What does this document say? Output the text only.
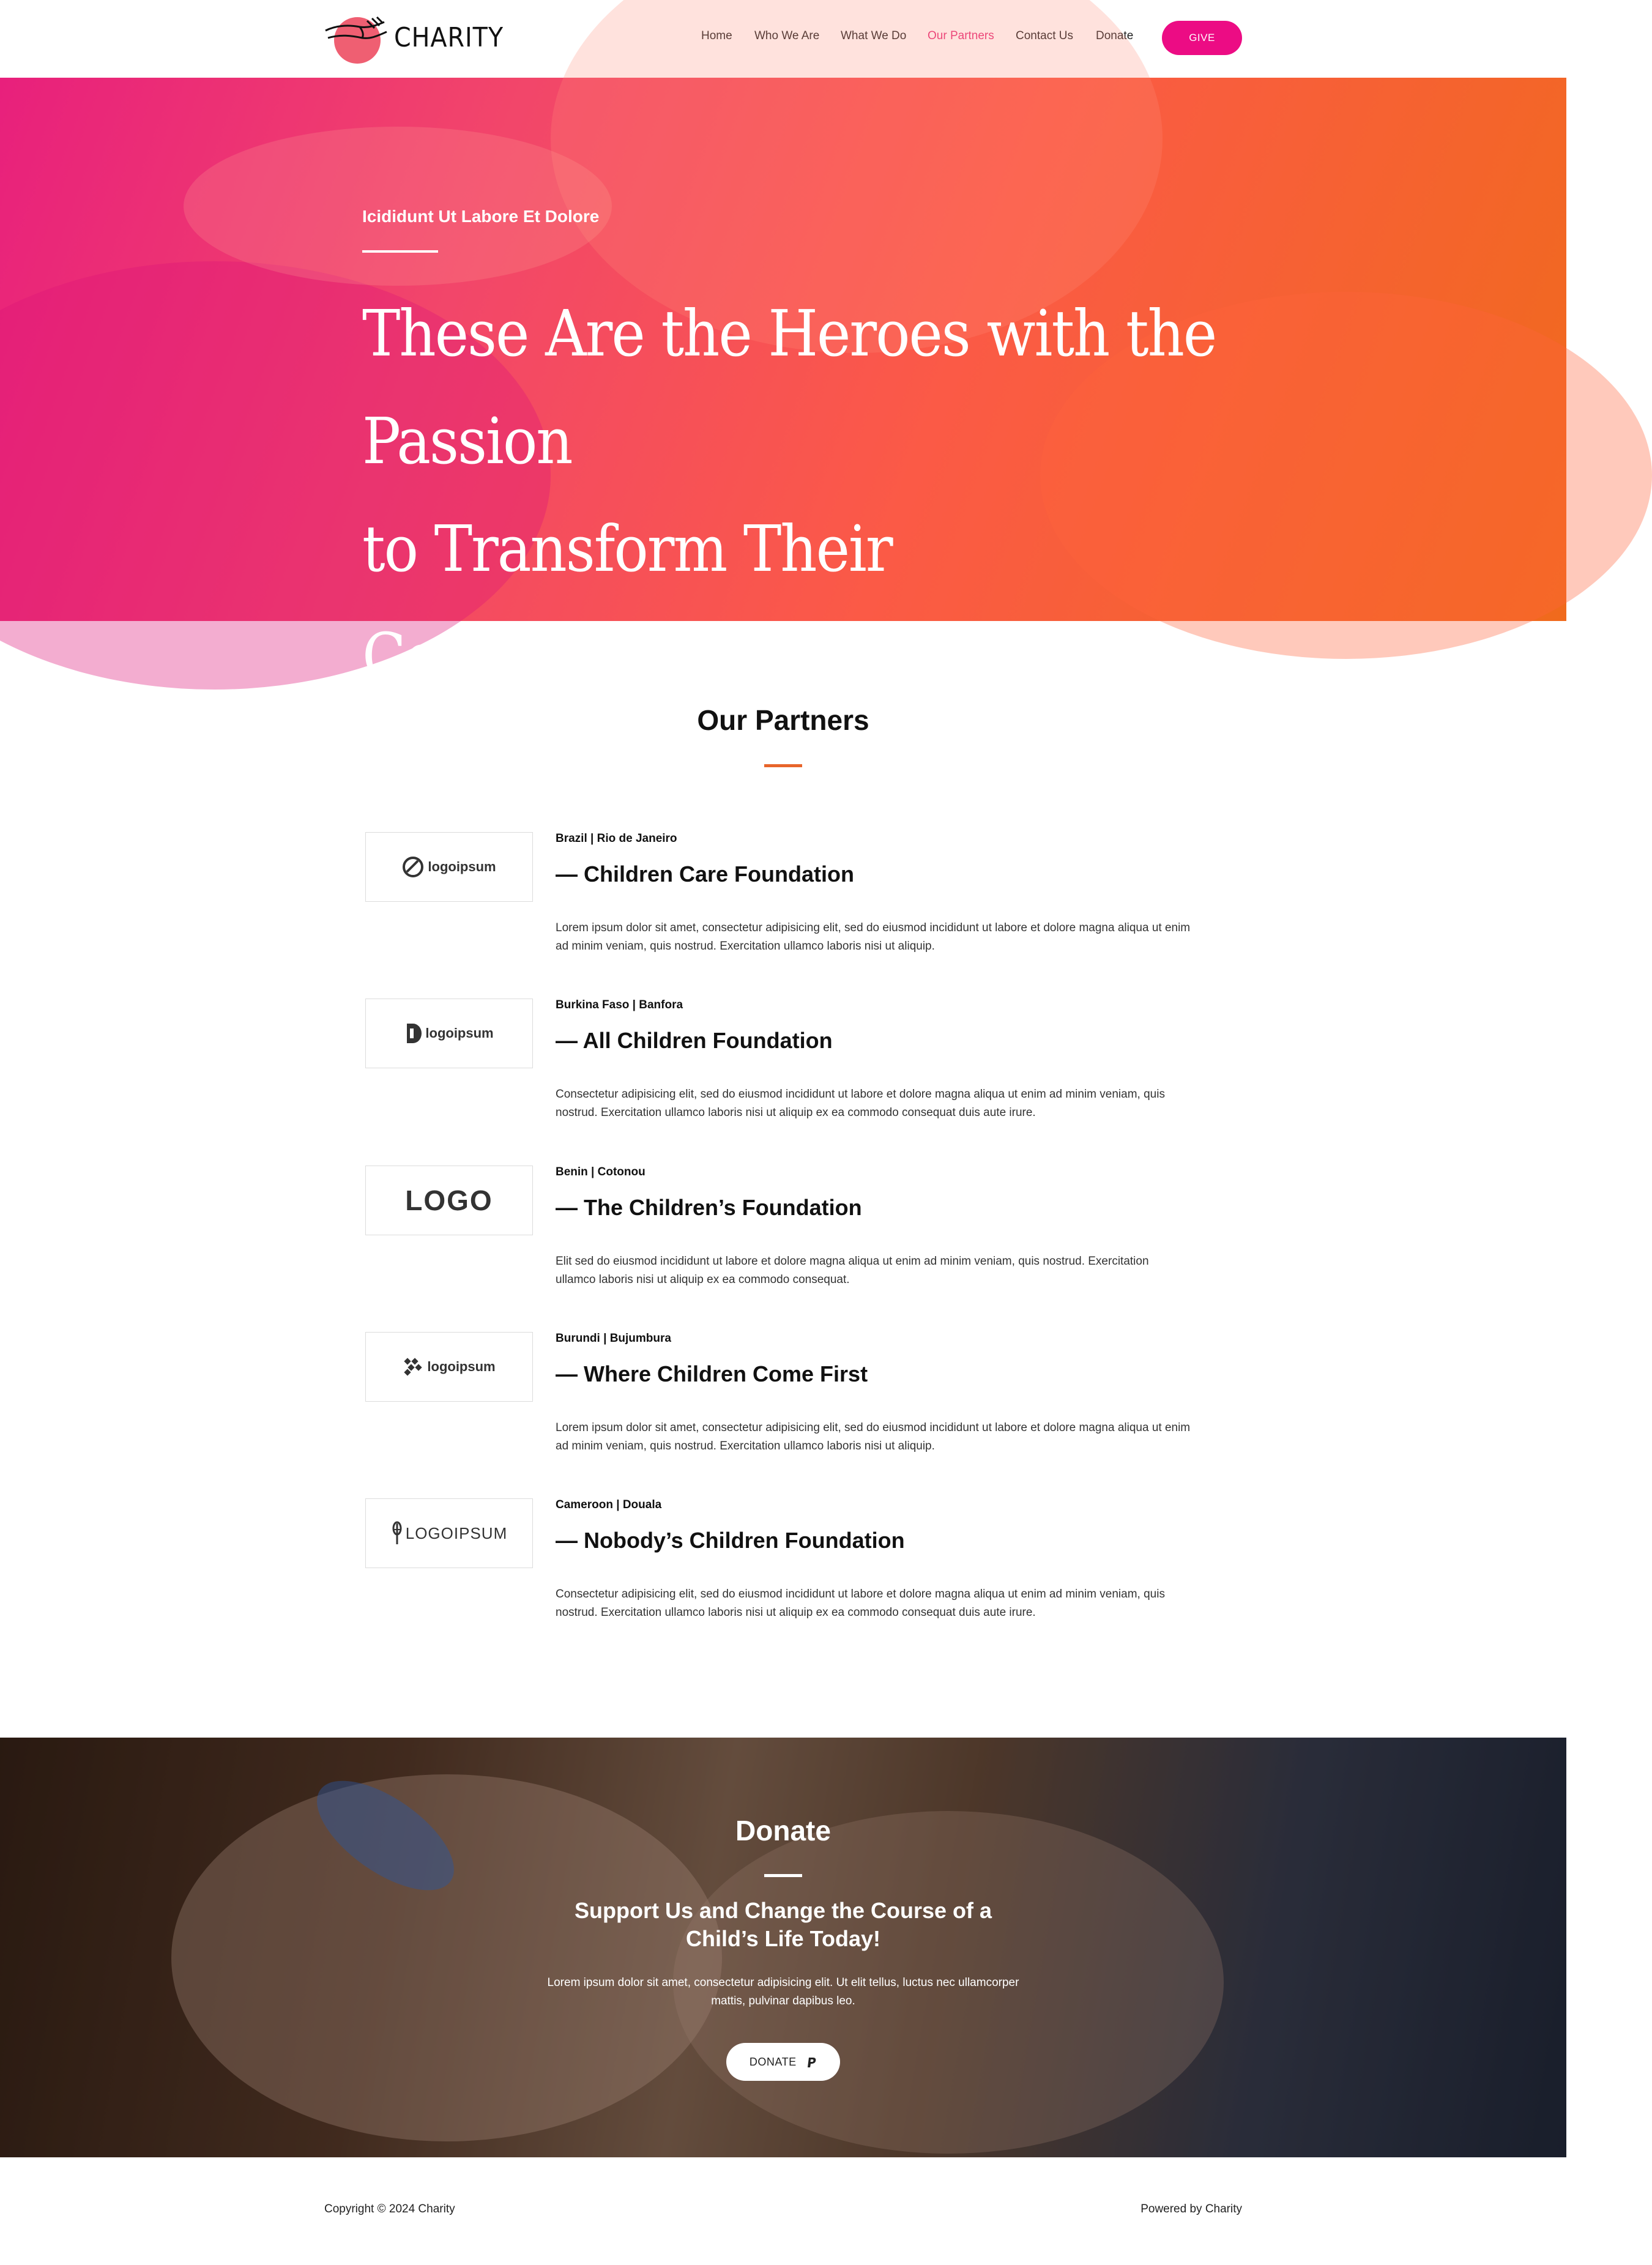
CHARITY	Home Who We Are What We Do Our Partners Contact Us Donate	GIVE
Icididunt Ut Labore Et Dolore
These Are the Heroes with the Passion
to Transform Their Communities
Our Partners
logoipsum
Brazil | Rio de Janeiro
— Children Care Foundation
Lorem ipsum dolor sit amet, consectetur adipisicing elit, sed do eiusmod incididunt ut labore et dolore magna aliqua ut enim ad minim veniam, quis nostrud. Exercitation ullamco laboris nisi ut aliquip.
logoipsum
Burkina Faso | Banfora
— All Children Foundation
Consectetur adipisicing elit, sed do eiusmod incididunt ut labore et dolore magna aliqua ut enim ad minim veniam, quis nostrud. Exercitation ullamco laboris nisi ut aliquip ex ea commodo consequat duis aute irure.
LOGO
Benin | Cotonou
— The Children’s Foundation
Elit sed do eiusmod incididunt ut labore et dolore magna aliqua ut enim ad minim veniam, quis nostrud. Exercitation ullamco laboris nisi ut aliquip ex ea commodo consequat.
logoipsum
Burundi | Bujumbura
— Where Children Come First
Lorem ipsum dolor sit amet, consectetur adipisicing elit, sed do eiusmod incididunt ut labore et dolore magna aliqua ut enim ad minim veniam, quis nostrud. Exercitation ullamco laboris nisi ut aliquip.
LOGOIPSUM
Cameroon | Douala
— Nobody’s Children Foundation
Consectetur adipisicing elit, sed do eiusmod incididunt ut labore et dolore magna aliqua ut enim ad minim veniam, quis nostrud. Exercitation ullamco laboris nisi ut aliquip ex ea commodo consequat duis aute irure.
Donate
Support Us and Change the Course of a Child’s Life Today!
Lorem ipsum dolor sit amet, consectetur adipisicing elit. Ut elit tellus, luctus nec ullamcorper mattis, pulvinar dapibus leo.
DONATE
Copyright © 2024 Charity	Powered by Charity
